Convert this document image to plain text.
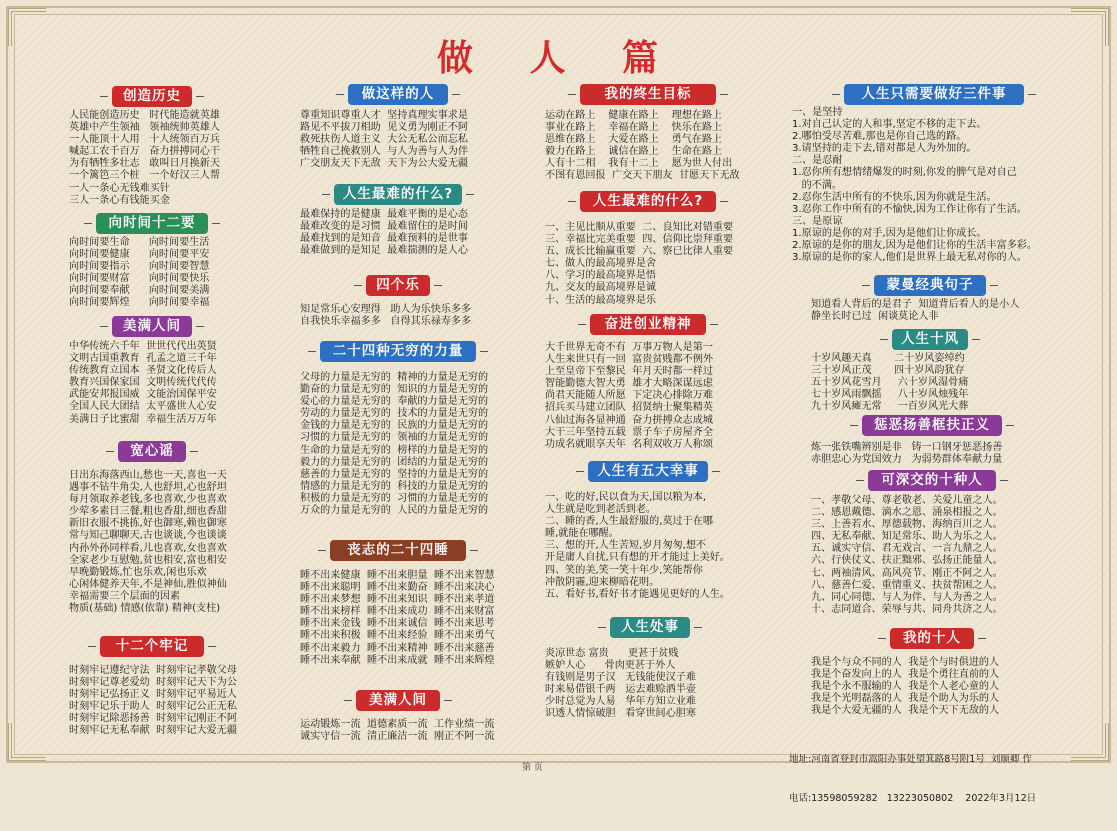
做 人 篇
创造历史
人民能创造历史   时代能造就英雄
英雄中产生领袖   领袖统帅英雄人
一人能顶十人用   十人统领百万兵
喊起工农千百万   奋力拼搏同心干
为有牺牲多壮志   敢叫日月换新天
一个篱笆三个桩   一个好汉三人帮
一人一条心无钱难买针
三人一条心有钱能买金
向时间十二要
向时间要生命      向时间要生活
向时间要健康      向时间要平安
向时间要指示      向时间要智慧
向时间要财富      向时间要快乐
向时间要奉献      向时间要美满
向时间要辉煌      向时间要幸福
美满人间
中华传统六千年  世世代代出英贤
文明古国重教育  孔孟之道三千年
传统教育立国本  圣贤文化传后人
教育兴国保家国  文明传统代代传
武能安邦报国威  文能治国保平安
全国人民大团结  太平盛世人心安
美满日子比蜜甜  幸福生活万万年
宽心谣
日出东海落西山,愁也一天,喜也一天
遇事不钻牛角尖,人也舒坦,心也舒坦
每月领取养老钱,多也喜欢,少也喜欢
少荤多素日三餐,粗也香甜,细也香甜
新旧衣服不挑拣,好也御寒,赖也御寒
常与知己聊聊天,古也谈谈,今也谈谈
内孙外孙同样看,儿也喜欢,女也喜欢
全家老少互慰勉,贫也相安,富也相安
早晚勤锻炼,忙也乐欢,闲也乐欢
心闲体健养天年,不是神仙,胜似神仙
幸福需要三个层面的因素
物质(基础) 情感(依靠) 精神(支柱)
十二个牢记
时刻牢记遵纪守法  时刻牢记孝敬父母
时刻牢记尊老爱幼  时刻牢记天下为公
时刻牢记弘扬正义  时刻牢记平易近人
时刻牢记乐于助人  时刻牢记公正无私
时刻牢记除恶扬善  时刻牢记刚正不阿
时刻牢记无私奉献  时刻牢记大爱无疆
做这样的人
尊重知识尊重人才  坚持真理实事求是
路见不平拔刀相助  见义勇为刚正不阿
救死扶伤人道主义  大公无私公而忘私
牺牲自己挽救别人  与人为善与人为伴
广交朋友天下无敌  天下为公大爱无疆
人生最难的什么?
最难保持的是健康  最难平衡的是心态
最难改变的是习惯  最难留住的是时间
最难找到的是知音  最难预料的是世事
最难做到的是知足  最难揣测的是人心
四个乐
知足常乐心安理得   助人为乐快乐多多
自我快乐幸福多多   自得其乐禄寿多多
二十四种无穷的力量
父母的力量是无穷的  精神的力量是无穷的
勤奋的力量是无穷的  知识的力量是无穷的
爱心的力量是无穷的  奉献的力量是无穷的
劳动的力量是无穷的  技术的力量是无穷的
金钱的力量是无穷的  民族的力量是无穷的
习惯的力量是无穷的  领袖的力量是无穷的
生命的力量是无穷的  榜样的力量是无穷的
毅力的力量是无穷的  团结的力量是无穷的
慈善的力量是无穷的  坚持的力量是无穷的
情感的力量是无穷的  科技的力量是无穷的
积极的力量是无穷的  习惯的力量是无穷的
万众的力量是无穷的  人民的力量是无穷的
丧志的二十四睡
睡不出来健康  睡不出来胆量  睡不出来智慧
睡不出来聪明  睡不出来勤奋  睡不出来决心
睡不出来梦想  睡不出来知识  睡不出来孝道
睡不出来榜样  睡不出来成功  睡不出来财富
睡不出来金钱  睡不出来诚信  睡不出来思考
睡不出来积极  睡不出来经验  睡不出来勇气
睡不出来毅力  睡不出来精神  睡不出来慈善
睡不出来奉献  睡不出来成就  睡不出来辉煌
美满人间
运动锻炼一流  道德素质一流  工作业绩一流
诚实守信一流  清正廉洁一流  刚正不阿一流
我的终生目标
运动在路上    健康在路上    理想在路上
事业在路上    幸福在路上    快乐在路上
思维在路上    大爱在路上    勇气在路上
毅力在路上    诚信在路上    生命在路上
人有十二相    我有十二上    愿为世人付出
不图有恩回报  广交天下朋友  甘愿天下无敌
人生最难的什么?
一、主见比顺从重要  二、良知比对错重要
三、幸福比完美重要  四、信仰比崇拜重要
五、成长比输赢重要  六、察已比律人重要
七、做人的最高境界是舍
八、学习的最高境界是悟
九、交友的最高境界是诚
十、生活的最高境界是乐
奋进创业精神
大千世界无奇不有  万事万物人是第一
人生来世只有一回  富贵贫贱都不例外
上至皇帝下至黎民  年月天时都一样过
智能勤德大智大勇  雄才大略深谋远虑
尚君天能随人所愿  下定决心排除万难
招兵买马建立团队  招贤纳士聚集精英
八仙过海各显神通  奋力拼搏众志成城
大干三年坚持五载  票子车子房屋齐全
功成名就眼享天年  名利双收万人称颂
人生有五大幸事
一、吃的好,民以食为天,国以粮为本,
人生就是吃到老活到老。
二、睡的香,人生最舒服的,莫过于在哪
睡,就能在哪醒。
三、想的开,人生苦短,岁月匆匆,想不
开是庸人自扰,只有想的开才能过上美好。
四、笑的美,笑一笑十年少,笑能帮你
冲散阴霾,迎来柳暗花明。
五、看好书,看好书才能遇见更好的人生。
人生处事
炎凉世态 富贵      更甚于贫贱
嫉妒人心      骨肉更甚于外人
有钱则是男子汉   无钱能使汉子难
时来易借银千两   运去难赊酒半壶
少时总觉为人易   华年方知立业难
识透人情惊破胆   看穿世间心胆寒
人生只需要做好三件事
一、是坚持
1.对自己认定的人和事,坚定不移的走下去。
2.哪怕受尽苦难,那也是你自己选的路。
3.请坚持的走下去,错对都是人为外加的。
二、是忍耐
1.忍你所有想情绪爆发的时刻,你发的脾气是对自己
的不满。
2.忍你生活中所有的不快乐,因为你就是生活。
3.忍你工作中所有的不愉快,因为工作让你有了生活。
三、是原谅
1.原谅的是你的对手,因为是他们让你成长。
2.原谅的是你的朋友,因为是他们让你的生活丰富多彩。
3.原谅的是你的家人,他们是世界上最无私对你的人。
蒙曼经典句子
知道看人背后的是君子  知道背后看人的是小人
静坐长时已过  闲谈莫论人非
人生十风
十岁风趣天真       二十岁风姿绰约
三十岁风正茂       四十岁风韵犹存
五十岁风花雪月     六十岁风湿骨痛
七十岁风雨飘摇     八十岁风烛残年
九十岁风瘫无常     一百岁风光大葬
惩恶扬善框扶正义
炼一张铁嘴辨别是非   铸一口钢牙惩恶扬善
赤胆忠心为党国效力   为弱势群体奉献力量
可深交的十种人
一、孝敬父母、尊老敬老、关爱儿童之人。
二、感恩戴德、滴水之恩、涌泉相报之人。
三、上善若水、厚德载物、海纳百川之人。
四、无私奉献、知足常乐、助人为乐之人。
五、诚实守信、君无戏言、一言九鼎之人。
六、行侠仗义、扶正黜邪、弘扬正能量人。
七、两袖清风、高风亮节、刚正不阿之人。
八、慈善仁爱、重情重义、扶贫帮困之人。
九、同心同德、与人为伴、与人为善之人。
十、志同道合、荣辱与共、同舟共济之人。
我的十人
我是个与众不同的人  我是个与时俱进的人
我是个奋发向上的人  我是个勇往直前的人
我是个永不服输的人  我是个人老心童的人
我是个光明磊落的人  我是个助人为乐的人
我是个大爱无疆的人  我是个天下无敌的人

地址:河南省登封市嵩阳办事处望箕路8号附1号  刘顺卿 作

电话:13598059282   13223050802    2022年3月12日

第 页
